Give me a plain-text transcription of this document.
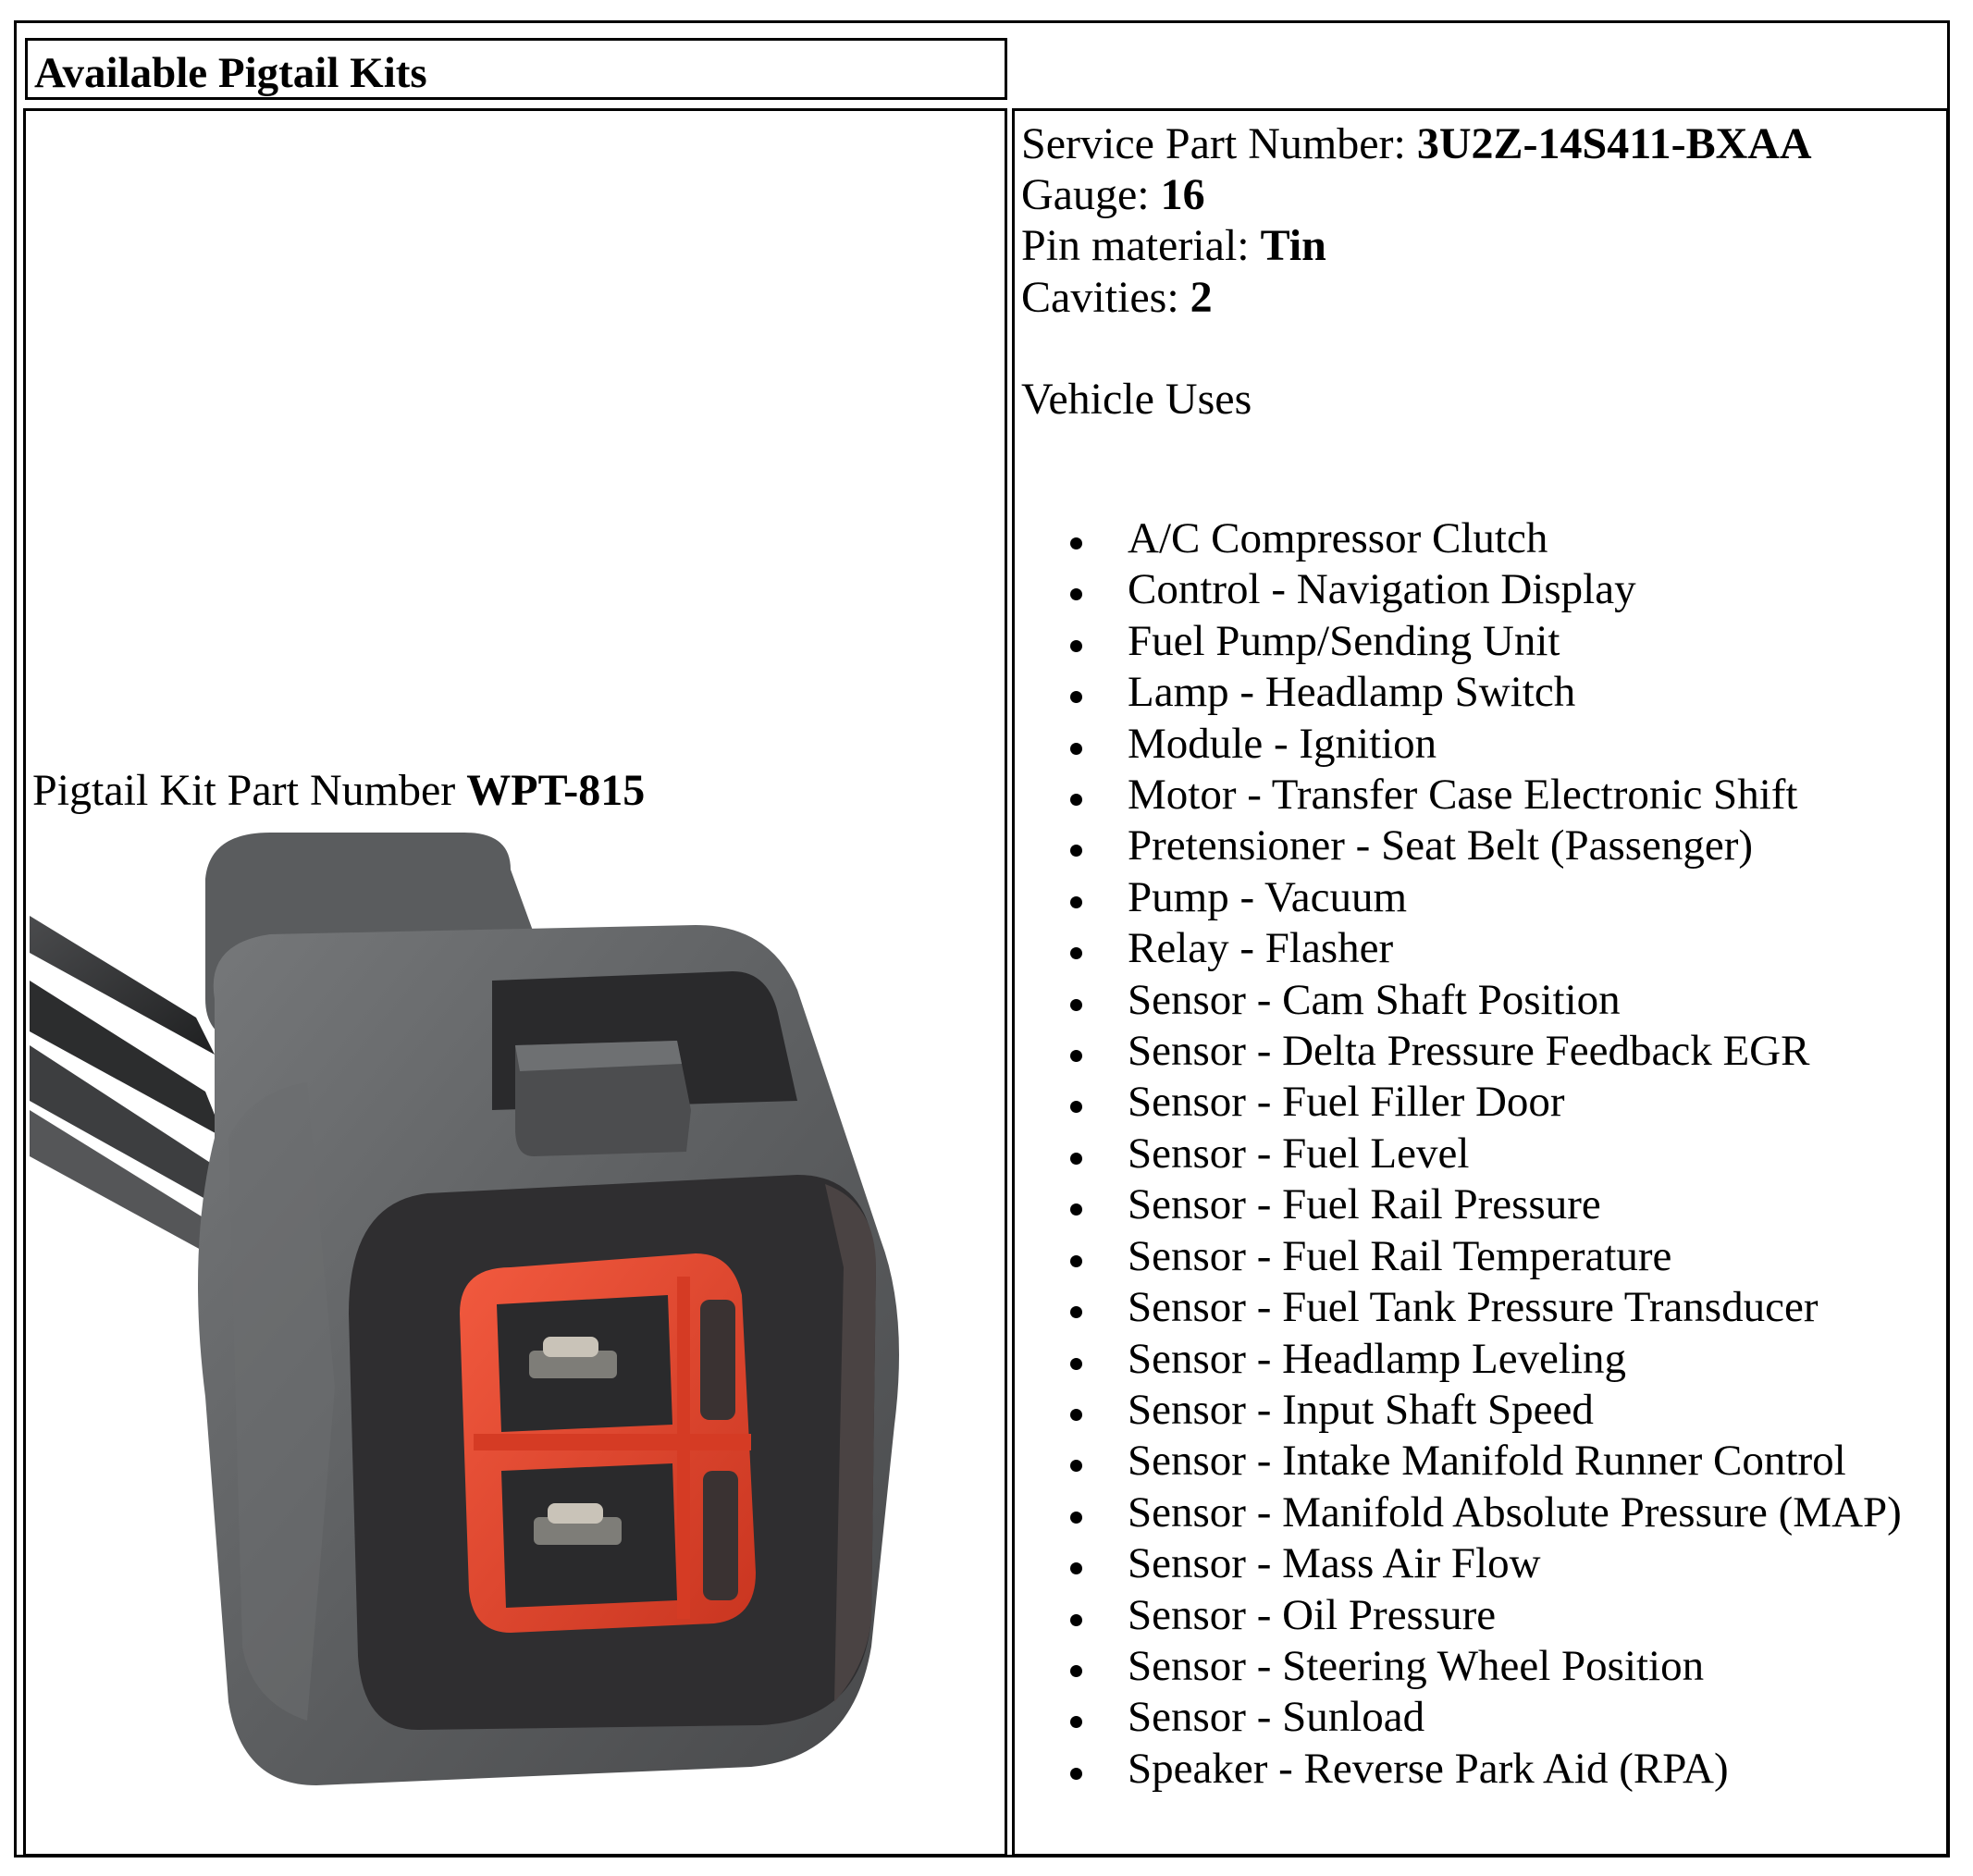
Available Pigtail Kits
Pigtail Kit Part Number WPT-815
Service Part Number: 3U2Z-14S411-BXAA
Gauge: 16
Pin material: Tin
Cavities: 2
Vehicle Uses
A/C Compressor Clutch
Control - Navigation Display
Fuel Pump/Sending Unit
Lamp - Headlamp Switch
Module - Ignition
Motor - Transfer Case Electronic Shift
Pretensioner - Seat Belt (Passenger)
Pump - Vacuum
Relay - Flasher
Sensor - Cam Shaft Position
Sensor - Delta Pressure Feedback EGR
Sensor - Fuel Filler Door
Sensor - Fuel Level
Sensor - Fuel Rail Pressure
Sensor - Fuel Rail Temperature
Sensor - Fuel Tank Pressure Transducer
Sensor - Headlamp Leveling
Sensor - Input Shaft Speed
Sensor - Intake Manifold Runner Control
Sensor - Manifold Absolute Pressure (MAP)
Sensor - Mass Air Flow
Sensor - Oil Pressure
Sensor - Steering Wheel Position
Sensor - Sunload
Speaker - Reverse Park Aid (RPA)
